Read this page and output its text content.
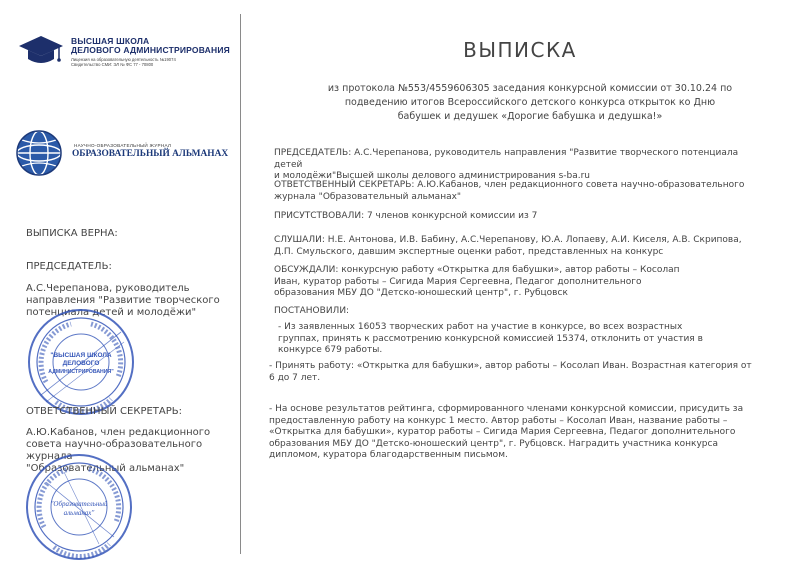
ВЫСШАЯ ШКОЛА
ДЕЛОВОГО АДМИНИСТРИРОВАНИЯ
Лицензия на образовательную деятельность №19074
Свидетельство СМИ: ЭЛ № ФС 77 - 70800
НАУЧНО-ОБРАЗОВАТЕЛЬНЫЙ ЖУРНАЛ
ОБРАЗОВАТЕЛЬНЫЙ АЛЬМАНАХ
ВЫПИСКА ВЕРНА:
ПРЕДСЕДАТЕЛЬ:
А.С.Черепанова, руководитель
направления "Развитие творческого
потенциала детей и молодёжи"
"ВЫСШАЯ ШКОЛА
ДЕЛОВОГО
АДМИНИСТРИРОВАНИЯ"
ОТВЕТСТВЕННЫЙ СЕКРЕТАРЬ:
А.Ю.Кабанов, член редакционного
совета научно-образовательного журнала
"Образовательный альманах"
"Образовательный
альманах"
ВЫПИСКА
из протокола №553/4559606305 заседания конкурсной комиссии от 30.10.24 по
подведению итогов Всероссийского детского конкурса открыток ко Дню
бабушек и дедушек «Дорогие бабушка и дедушка!»
ПРЕДСЕДАТЕЛЬ: А.С.Черепанова, руководитель направления "Развитие творческого потенциала детей
и молодёжи"Высшей школы делового администрирования s-ba.ru
ОТВЕТСТВЕННЫЙ СЕКРЕТАРЬ: А.Ю.Кабанов, член редакционного совета научно-образовательного
журнала "Образовательный альманах"
ПРИСУТСТВОВАЛИ: 7 членов конкурсной комиссии из 7
СЛУШАЛИ: Н.Е. Антонова, И.В. Бабину, А.С.Черепанову, Ю.А. Лопаеву, А.И. Киселя, А.В. Скрипова,
Д.П. Смульского, давшим экспертные оценки работ, представленных на конкурс
ОБСУЖДАЛИ: конкурсную работу «Открытка для бабушки», автор работы – Косолап
Иван, куратор работы – Сигида Мария Сергеевна, Педагог дополнительного
образования МБУ ДО "Детско-юношеский центр", г. Рубцовск
ПОСТАНОВИЛИ:
- Из заявленных 16053 творческих работ на участие в конкурсе, во всех возрастных
группах, принять к рассмотрению конкурсной комиссией 15374, отклонить от участия в
конкурсе 679 работы.
- Принять работу: «Открытка для бабушки», автор работы – Косолап Иван. Возрастная категория от
6 до 7 лет.
- На основе результатов рейтинга, сформированного членами конкурсной комиссии, присудить за
предоставленную работу на конкурс 1 место. Автор работы – Косолап Иван, название работы –
«Открытка для бабушки», куратор работы – Сигида Мария Сергеевна, Педагог дополнительного
образования МБУ ДО "Детско-юношеский центр", г. Рубцовск. Наградить участника конкурса
дипломом, куратора благодарственным письмом.
